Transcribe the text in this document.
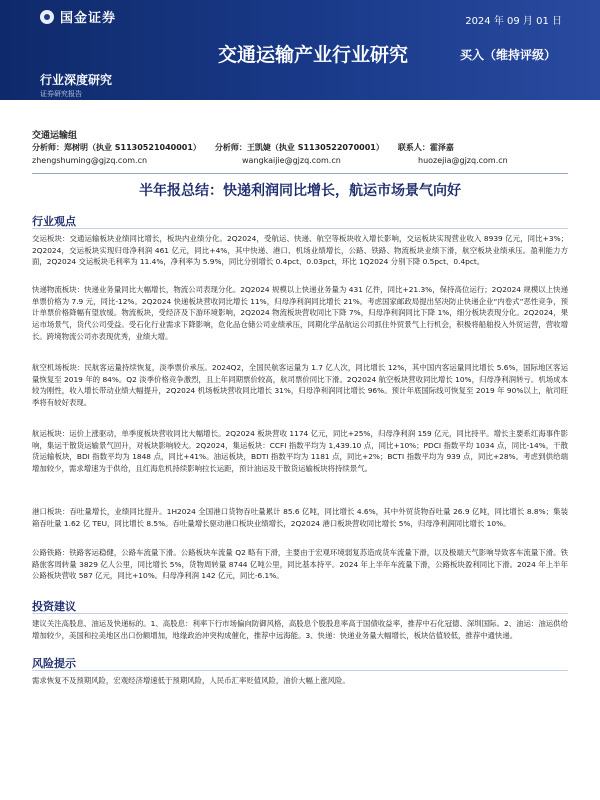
国金证券	2024 年 09 月 01 日
交通运输产业行业研究	买入（维持评级）
行业深度研究
证券研究报告
交通运输组
分析师：郑树明（执业 S1130521040001） 分析师：王凯婕（执业 S1130522070001） 联系人：霍泽嘉
zhengshuming@gjzq.com.cn	wangkaijie@gjzq.com.cn	huozejia@gjzq.com.cn
半年报总结：快递利润同比增长，航运市场景气向好
行业观点
交运板块：交通运输板块业绩同比增长，板块内业绩分化。2Q2024，受航运、快递、航空等板块收入增长影响，交运板块实现营业收入 8939 亿元，同比+3%；2Q2024，交运板块实现归母净利润 461 亿元，同比+4%，其中快递、港口、机场业绩增长，公路、铁路、物流板块业绩下滑，航空板块业绩承压。盈利能力方面，2Q2024 交运板块毛利率为 11.4%，净利率为 5.9%，同比分别增长 0.4pct、0.03pct，环比 1Q2024 分别下降 0.5pct、0.4pct。
快递物流板块：快递业务量同比大幅增长，物流公司表现分化。2Q2024 规模以上快递业务量为 431 亿件，同比+21.3%，保持高位运行；2Q2024 规模以上快递单票价格为 7.9 元，同比-12%。2Q2024 快递板块营收同比增长 11%，归母净利润同比增长 21%。考虑国家邮政局提出坚决防止快递企业“内卷式”恶性竞争，预计单票价格降幅有望放缓。物流板块，受经济及下游环境影响，2Q2024 物流板块营收同比下降 7%，归母净利润同比下降 1%，细分板块表现分化。2Q2024，果运市场景气，货代公司受益。受石化行业需求下降影响，危化品仓储公司业绩承压，同期化学品航运公司抓住外贸景气上行机会，积极将船舶投入外贸运营，营收增长。跨境物流公司亦表现优秀，业绩大增。
航空机场板块：民航客运量持续恢复，淡季票价承压。2024Q2，全国民航客运量为 1.7 亿人次，同比增长 12%，其中国内客运量同比增长 5.6%，国际地区客运量恢复至 2019 年的 84%。Q2 淡季价格竞争激烈，且上年同期票价较高，航司票价同比下滑。2Q2024 航空板块营收同比增长 10%，归母净利润转亏。机场成本较为刚性，收入增长带动业绩大幅提升，2Q2024 机场板块营收同比增长 31%，归母净利润同比增长 96%。预计年底国际线可恢复至 2019 年 90%以上，航司旺季将有较好表现。
航运板块：运价上涨驱动，单季度板块营收同比大幅增长。2Q2024 板块营收 1174 亿元，同比+25%，归母净利润 159 亿元，同比持平。增长主要系红海事件影响，集运干散货运输景气回升，对板块影响较大。2Q2024，集运板块：CCFI 指数平均为 1,439.10 点，同比+10%；PDCI 指数平均 1034 点，同比-14%，干散货运输板块，BDI 指数平均为 1848 点，同比+41%。油运板块，BDTI 指数平均为 1181 点，同比+2%；BCTI 指数平均为 939 点，同比+28%。考虑到供给端增加较少，需求增速为于供给，且红海危机持续影响拉长运距，预计油运及干散货运输板块将持续景气。
港口板块：吞吐量增长，业绩同比提升。1H2024 全国港口货物吞吐量累计 85.6 亿吨，同比增长 4.6%，其中外贸货物吞吐量 26.9 亿吨，同比增长 8.8%；集装箱吞吐量 1.62 亿 TEU，同比增长 8.5%。吞吐量增长驱动港口板块业绩增长，2Q2024 港口板块营收同比增长 5%，归母净利润同比增长 10%。
公路铁路：铁路客运稳健，公路车流量下滑。公路板块车流量 Q2 略有下滑，主要由于宏观环境弱复苏造成货车流量下滑，以及极端天气影响导致客车流量下滑。铁路旅客周转量 3829 亿人公里，同比增长 5%，货物周转量 8744 亿吨公里，同比基本持平。2024 年上半年车流量下滑，公路板块盈利同比下滑。2024 年上半年公路板块营收 587 亿元，同比+10%。归母净利润 142 亿元，同比-6.1%。
投资建议
建议关注高股息、油运及快递标的。1、高股息：利率下行市场偏向防御风格，高股息个股股息率高于国债收益率，推荐中石化冠德、深圳国际。2、油运：油运供给增加较少，美国和拉美地区出口份额增加，地缘政治冲突构成催化，推荐中远海能。3、快递：快递业务量大幅增长，板块估值较低，推荐中通快递。
风险提示
需求恢复不及预期风险，宏观经济增速低于预期风险，人民币汇率贬值风险，油价大幅上涨风险。
